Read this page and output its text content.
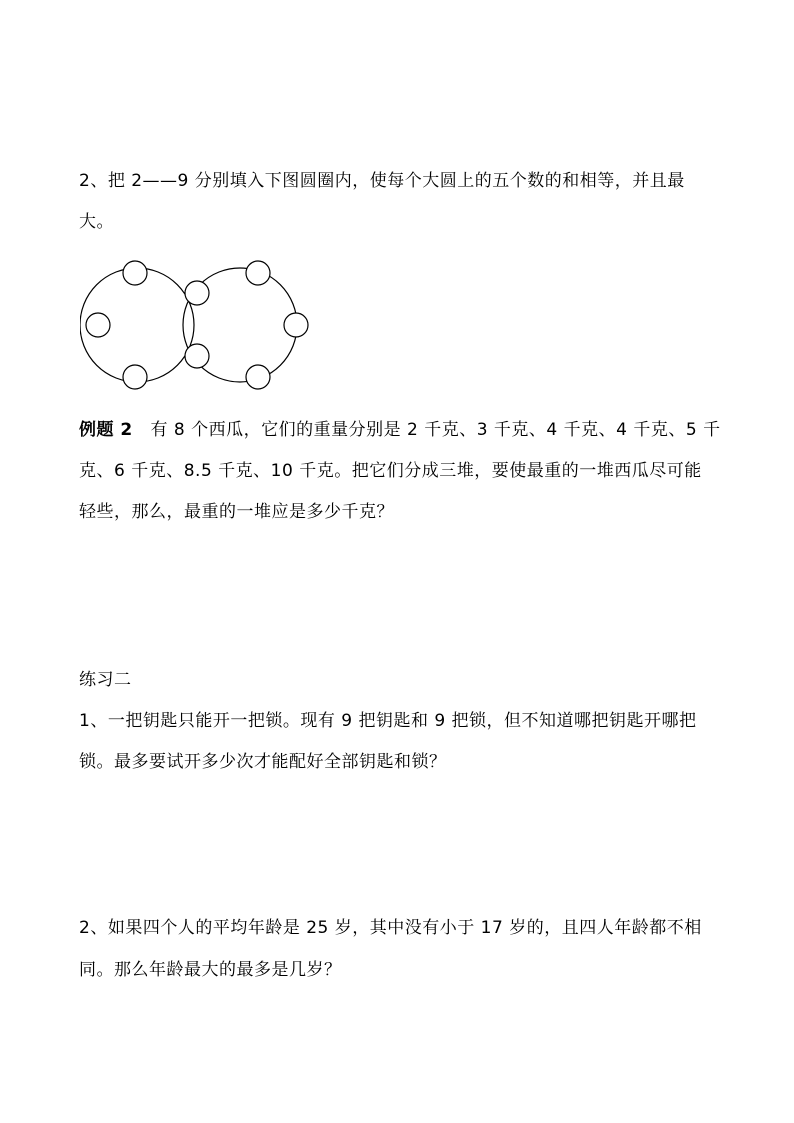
2、把 2——9 分别填入下图圆圈内，使每个大圆上的五个数的和相等，并且最
大。
例题 2 有 8 个西瓜，它们的重量分别是 2 千克、3 千克、4 千克、4 千克、5 千
克、6 千克、8.5 千克、10 千克。把它们分成三堆，要使最重的一堆西瓜尽可能
轻些，那么，最重的一堆应是多少千克？
练习二
1、一把钥匙只能开一把锁。现有 9 把钥匙和 9 把锁，但不知道哪把钥匙开哪把
锁。最多要试开多少次才能配好全部钥匙和锁？
2、如果四个人的平均年龄是 25 岁，其中没有小于 17 岁的，且四人年龄都不相
同。那么年龄最大的最多是几岁？
